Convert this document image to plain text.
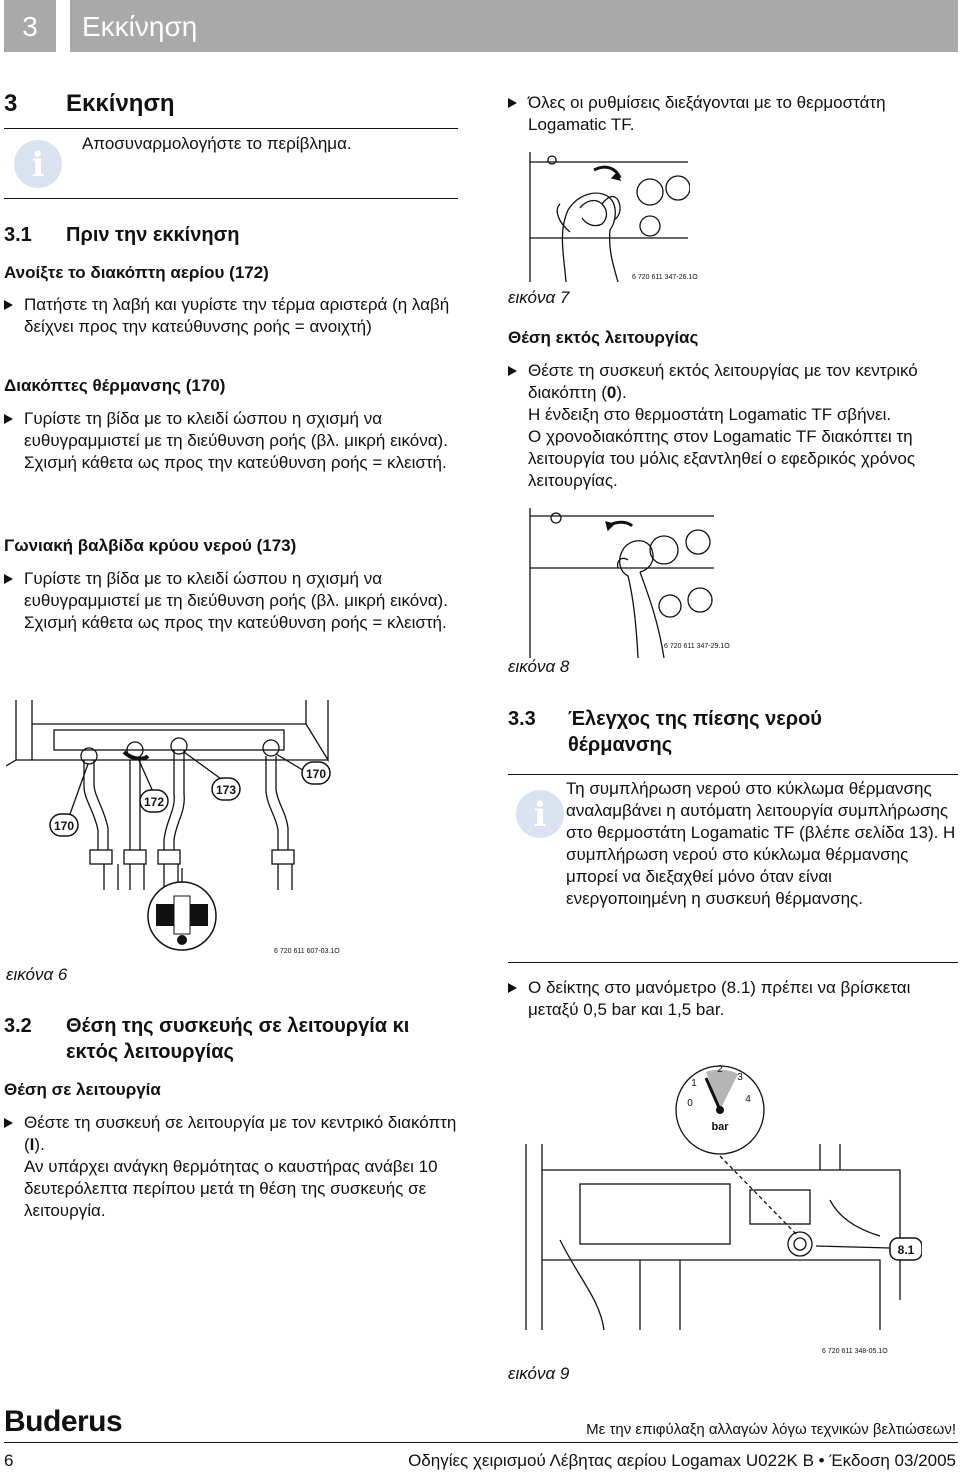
3	Εκκίνηση
3 Εκκίνηση
i
Αποσυναρμολογήστε το περίβλημα.
3.1 Πριν την εκκίνηση
Ανοίξτε το διακόπτη αερίου (172)
Πατήστε τη λαβή και γυρίστε την τέρμα αριστερά (η λαβή δείχνει προς την κατεύθυνσης ροής = ανοιχτή)
Διακόπτες θέρμανσης (170)
Γυρίστε τη βίδα με το κλειδί ώσπου η σχισμή να ευθυγραμμιστεί με τη διεύθυνση ροής (βλ. μικρή εικόνα).
Σχισμή κάθετα ως προς την κατεύθυνση ροής = κλειστή.
Γωνιακή βαλβίδα κρύου νερού (173)
Γυρίστε τη βίδα με το κλειδί ώσπου η σχισμή να ευθυγραμμιστεί με τη διεύθυνση ροής (βλ. μικρή εικόνα).
Σχισμή κάθετα ως προς την κατεύθυνση ροής = κλειστή.
170
172
173
170
6 720 611 607-03.1O
εικόνα 6
3.2 Θέση της συσκευής σε λειτουργία κι
εκτός λειτουργίας
Θέση σε λειτουργία
Θέστε τη συσκευή σε λειτουργία με τον κεντρικό διακόπτη (I).
Αν υπάρχει ανάγκη θερμότητας ο καυστήρας ανάβει 10 δευτερόλεπτα περίπου μετά τη θέση της συσκευής σε λειτουργία.
Όλες οι ρυθμίσεις διεξάγονται με το θερμοστάτη Logamatic TF.
6 720 611 347-26.1O
εικόνα 7
Θέση εκτός λειτουργίας
Θέστε τη συσκευή εκτός λειτουργίας με τον κεντρικό διακόπτη (0).
Η ένδειξη στο θερμοστάτη Logamatic TF σβήνει.
Ο χρονοδιακόπτης στον Logamatic TF διακόπτει τη λειτουργία του μόλις εξαντληθεί ο εφεδρικός χρόνος λειτουργίας.
6 720 611 347-29.1O
εικόνα 8
3.3 Έλεγχος της πίεσης νερού
θέρμανσης
i
Τη συμπλήρωση νερού στο κύκλωμα θέρμανσης αναλαμβάνει η αυτόματη λειτουργία συμπλήρωσης στο θερμοστάτη Logamatic TF (βλέπε σελίδα 13). Η συμπλήρωση νερού στο κύκλωμα θέρμανσης μπορεί να διεξαχθεί μόνο όταν είναι ενεργοποιημένη η συσκευή θέρμανσης.
Ο δείκτης στο μανόμετρο (8.1) πρέπει να βρίσκεται μεταξύ 0,5 bar και 1,5 bar.
0
1
2
3
4
bar
8.1
6 720 611 348-05.1O
εικόνα 9
Buderus	Με την επιφύλαξη αλλαγών λόγω τεχνικών βελτιώσεων!
6	Οδηγίες χειρισμού Λέβητας αερίου Logamax U022K B • Έκδοση 03/2005
